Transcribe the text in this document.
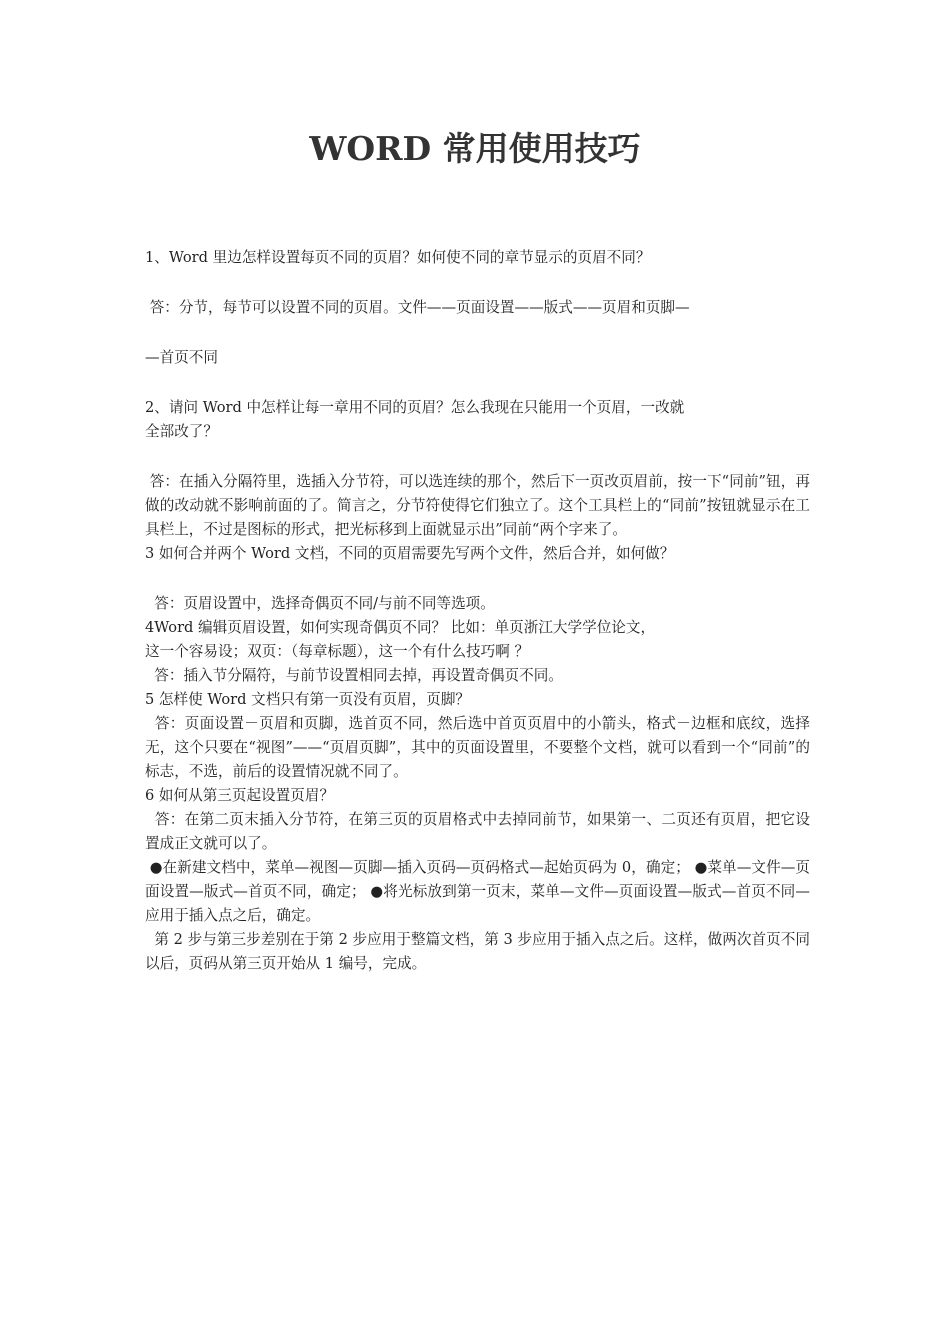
WORD 常用使用技巧

1、Word 里边怎样设置每页不同的页眉？如何使不同的章节显示的页眉不同？

答：分节，每节可以设置不同的页眉。文件——页面设置——版式——页眉和页脚—

—首页不同

2、请问 Word 中怎样让每一章用不同的页眉？怎么我现在只能用一个页眉，一改就

全部改了？

答：在插入分隔符里，选插入分节符，可以选连续的那个，然后下一页改页眉前，按一下“同前”钮，再做的改动就不影响前面的了。简言之，分节符使得它们独立了。这个工具栏上的“同前”按钮就显示在工具栏上，不过是图标的形式，把光标移到上面就显示出”同前“两个字来了。

3 如何合并两个 Word 文档，不同的页眉需要先写两个文件，然后合并，如何做？

答：页眉设置中，选择奇偶页不同/与前不同等选项。

4Word 编辑页眉设置，如何实现奇偶页不同？ 比如：单页浙江大学学位论文，

这一个容易设；双页：（每章标题），这一个有什么技巧啊 ？

答：插入节分隔符，与前节设置相同去掉，再设置奇偶页不同。

5 怎样使 Word 文档只有第一页没有页眉，页脚？

答：页面设置－页眉和页脚，选首页不同，然后选中首页页眉中的小箭头，格式－边框和底纹，选择无，这个只要在“视图”——“页眉页脚”，其中的页面设置里，不要整个文档，就可以看到一个“同前”的标志，不选，前后的设置情况就不同了。

6 如何从第三页起设置页眉？

答：在第二页末插入分节符，在第三页的页眉格式中去掉同前节，如果第一、二页还有页眉，把它设置成正文就可以了。

●在新建文档中，菜单—视图—页脚—插入页码—页码格式—起始页码为 0，确定； ●菜单—文件—页面设置—版式—首页不同，确定； ●将光标放到第一页末，菜单—文件—页面设置—版式—首页不同—应用于插入点之后，确定。

第 2 步与第三步差别在于第 2 步应用于整篇文档，第 3 步应用于插入点之后。这样，做两次首页不同以后，页码从第三页开始从 1 编号，完成。
